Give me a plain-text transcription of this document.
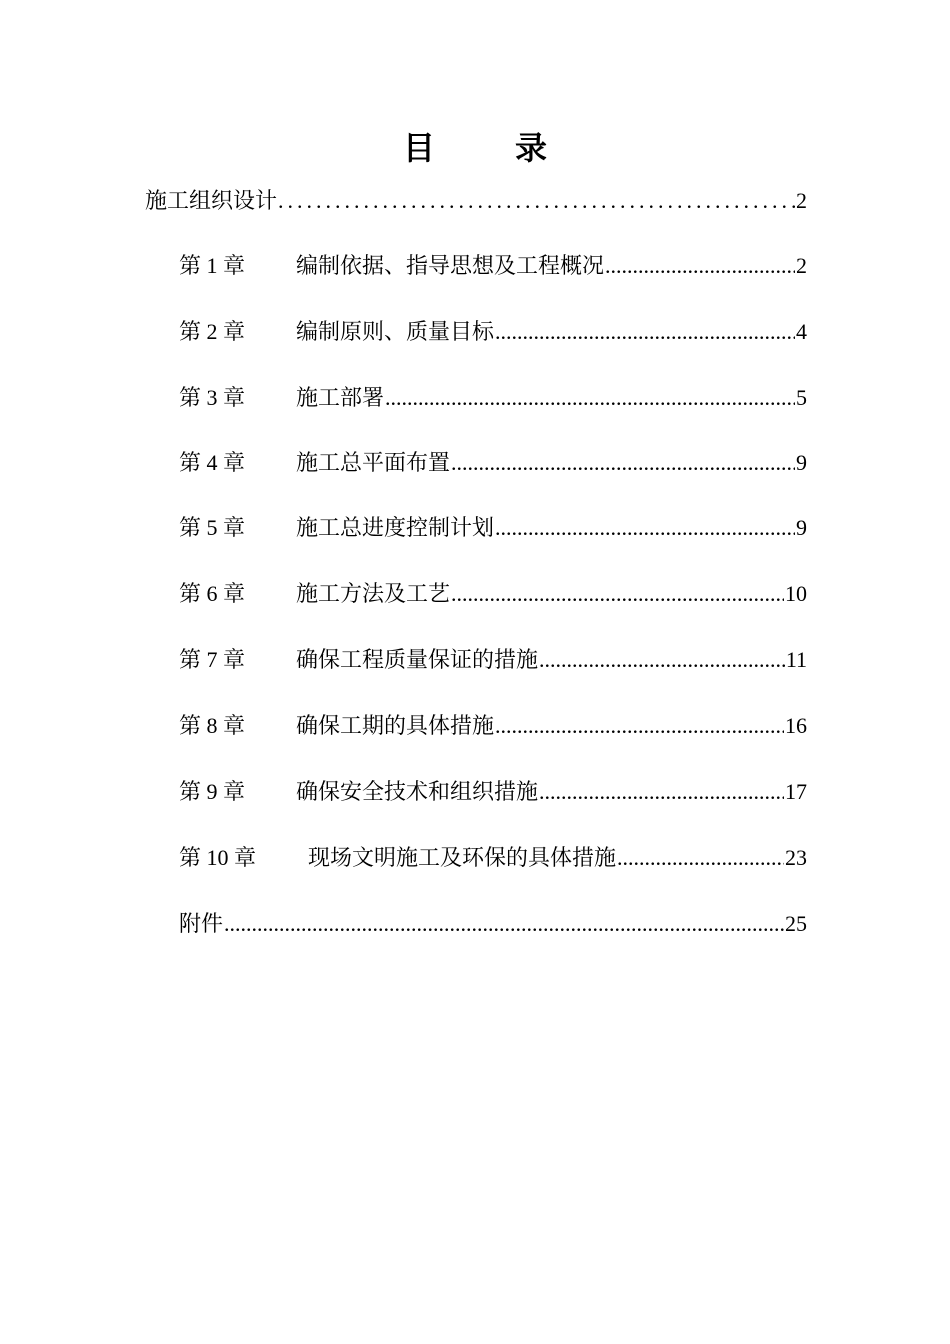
目 录
施工组织设计 .....	2
第 1 章	编制依据、指导思想及工程概况 .....	2
第 2 章	编制原则、质量目标 .....	4
第 3 章	施工部署 .....	5
第 4 章	施工总平面布置 .....	9
第 5 章	施工总进度控制计划 .....	9
第 6 章	施工方法及工艺 .....	10
第 7 章	确保工程质量保证的措施 .....	11
第 8 章	确保工期的具体措施 .....	16
第 9 章	确保安全技术和组织措施 .....	17
第 10 章	现场文明施工及环保的具体措施 .....	23
附件 .....	25
